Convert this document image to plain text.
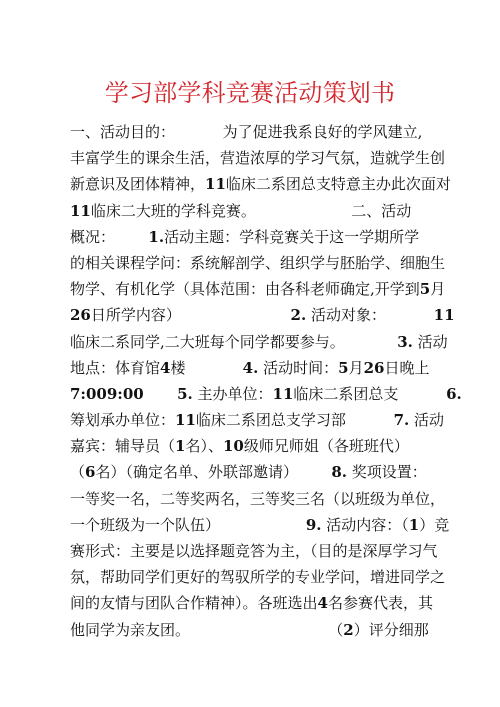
学习部学科竞赛活动策划书
一、活动目的：          为了促进我系良好的学风建立,
丰富学生的课余生活，营造浓厚的学习气氛，造就学生创
新意识及团体精神，11临床二系团总支特意主办此次面对
11临床二大班的学科竞赛。                    二、活动
概况：       1.活动主题：学科竞赛关于这一学期所学
的相关课程学问：系统解剖学、组织学与胚胎学、细胞生
物学、有机化学（具体范围：由各科老师确定,开学到5月
26日所学内容）                       2. 活动对象：          11
临床二系同学,二大班每个同学都要参与。           3. 活动
地点：体育馆4楼            4. 活动时间：5月26日晚上
7:009:00 5. 主办单位：11临床二系团总支          6.
筹划承办单位：11临床二系团总支学习部          7. 活动
嘉宾：辅导员（1名）、10级师兄师姐（各班班代）
（6名）（确定名单、外联部邀请）       8. 奖项设置：
一等奖一名，二等奖两名，三等奖三名（以班级为单位，
一个班级为一个队伍）                  9. 活动内容：（1）竞
赛形式：主要是以选择题竞答为主，（目的是深厚学习气
氛，帮助同学们更好的驾驭所学的专业学问，增进同学之
间的友情与团队合作精神）。各班选出4名参赛代表，其
他同学为亲友团。                             （2）评分细那
